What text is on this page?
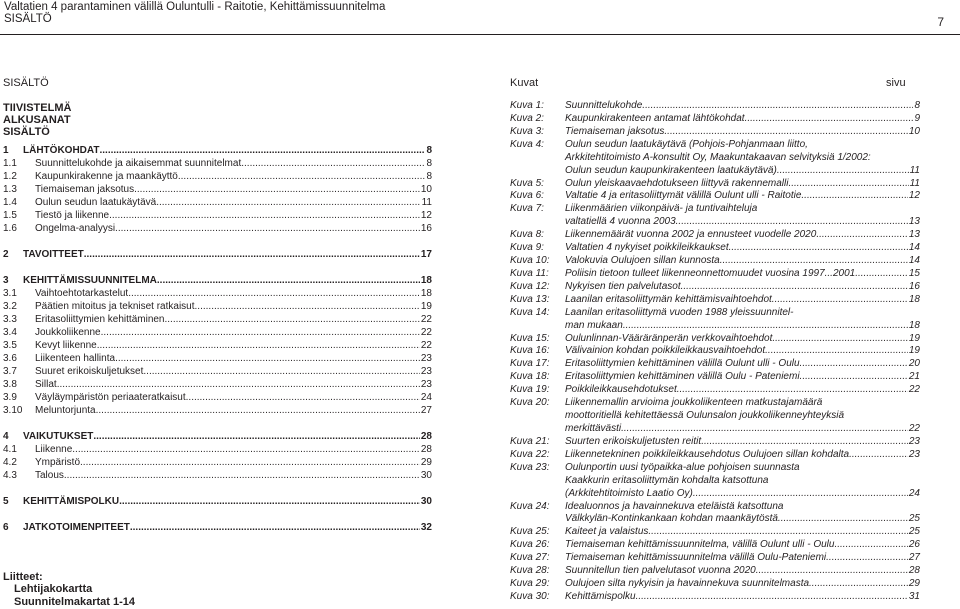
Valtatien 4 parantaminen välillä Ouluntulli - Raitotie, Kehittämissuunnitelma
SISÄLTÖ	7
SISÄLTÖ
TIIVISTELMÄ
ALKUSANAT
SISÄLTÖ
1	LÄHTÖKOHDAT .....	8
1.1	Suunnittelukohde ja aikaisemmat suunnitelmat .....	8
1.2	Kaupunkirakenne ja maankäyttö .....	8
1.3	Tiemaiseman jaksotus .....	10
1.4	Oulun seudun laatukäytävä .....	11
1.5	Tiestö ja liikenne .....	12
1.6	Ongelma-analyysi .....	16
2	TAVOITTEET .....	17
3	KEHITTÄMISSUUNNITELMA .....	18
3.1	Vaihtoehtotarkastelut .....	18
3.2	Päätien mitoitus ja tekniset ratkaisut .....	19
3.3	Eritasoliittymien kehittäminen .....	22
3.4	Joukkoliikenne .....	22
3.5	Kevyt liikenne .....	22
3.6	Liikenteen hallinta .....	23
3.7	Suuret erikoiskuljetukset .....	23
3.8	Sillat .....	23
3.9	Väyläympäristön periaateratkaisut .....	24
3.10	Meluntorjunta .....	27
4	VAIKUTUKSET .....	28
4.1	Liikenne .....	28
4.2	Ympäristö .....	29
4.3	Talous .....	30
5	KEHITTÄMISPOLKU .....	30
6	JATKOTOIMENPITEET .....	32
Liitteet:
Lehtijakokartta
Suunnitelmakartat 1-14
Kuvat	sivu
Kuva 1:	Suunnittelukohde .....	8
Kuva 2:	Kaupunkirakenteen antamat lähtökohdat .....	9
Kuva 3:	Tiemaiseman jaksotus .....	10
Kuva 4:	Oulun seudun laatukäytävä (Pohjois-Pohjanmaan liitto,
Arkkitehtitoimisto A-konsultit Oy, Maakuntakaavan selvityksiä 1/2002:
Oulun seudun kaupunkirakenteen laatukäytävä) .....	11
Kuva 5:	Oulun yleiskaavaehdotukseen liittyvä rakennemalli .....	11
Kuva 6:	Valtatie 4 ja eritasoliittymät välillä Oulunt ulli - Raitotie .....	12
Kuva 7:	Liikenmäärien viikonpäivä- ja tuntivaihteluja
valtatiellä 4 vuonna 2003 .....	13
Kuva 8:	Liikennemäärät vuonna 2002 ja ennusteet vuodelle 2020 .....	13
Kuva 9:	Valtatien 4 nykyiset poikkileikkaukset .....	14
Kuva 10:	Valokuvia Oulujoen sillan kunnosta .....	14
Kuva 11:	Poliisin tietoon tulleet liikenneonnettomuudet vuosina 1997...2001 .....	15
Kuva 12:	Nykyisen tien palvelutasot .....	16
Kuva 13:	Laanilan eritasoliittymän kehittämisvaihtoehdot .....	18
Kuva 14:	Laanilan eritasoliittymä vuoden 1988 yleissuunnitel-
man mukaan .....	18
Kuva 15:	Oulunlinnan-Vääräränperän verkkovaihtoehdot .....	19
Kuva 16:	Välivainion kohdan poikkileikkausvaihtoehdot .....	19
Kuva 17:	Eritasoliittymien kehittäminen välillä Oulunt ulli - Oulu .....	20
Kuva 18:	Eritasoliittymien kehittäminen välillä Oulu - Pateniemi .....	21
Kuva 19:	Poikkileikkausehdotukset .....	22
Kuva 20:	Liikennemallin arvioima joukkoliikenteen matkustajamäärä
moottoritiellä kehitettäessä Oulunsalon joukkoliikenneyhteyksiä
merkittävästi .....	22
Kuva 21:	Suurten erikoiskuljetusten reitit .....	23
Kuva 22:	Liikennetekninen poikkileikkausehdotus Oulujoen sillan kohdalta .....	23
Kuva 23:	Oulunportin uusi työpaikka-alue pohjoisen suunnasta
Kaakkurin eritasoliittymän kohdalta katsottuna
(Arkkitehtitoimisto Laatio Oy) .....	24
Kuva 24:	Idealuonnos ja havainnekuva eteläistä katsottuna
Välkkylän-Kontinkankaan kohdan maankäytöstä .....	25
Kuva 25:	Kaiteet ja valaistus .....	25
Kuva 26:	Tiemaiseman kehittämissuunnitelma, välillä Oulunt ulli - Oulu .....	26
Kuva 27:	Tiemaiseman kehittämissuunnitelma välillä Oulu-Pateniemi .....	27
Kuva 28:	Suunnitellun tien palvelutasot vuonna 2020 .....	28
Kuva 29:	Oulujoen silta nykyisin ja havainnekuva suunnitelmasta .....	29
Kuva 30:	Kehittämispolku .....	31
